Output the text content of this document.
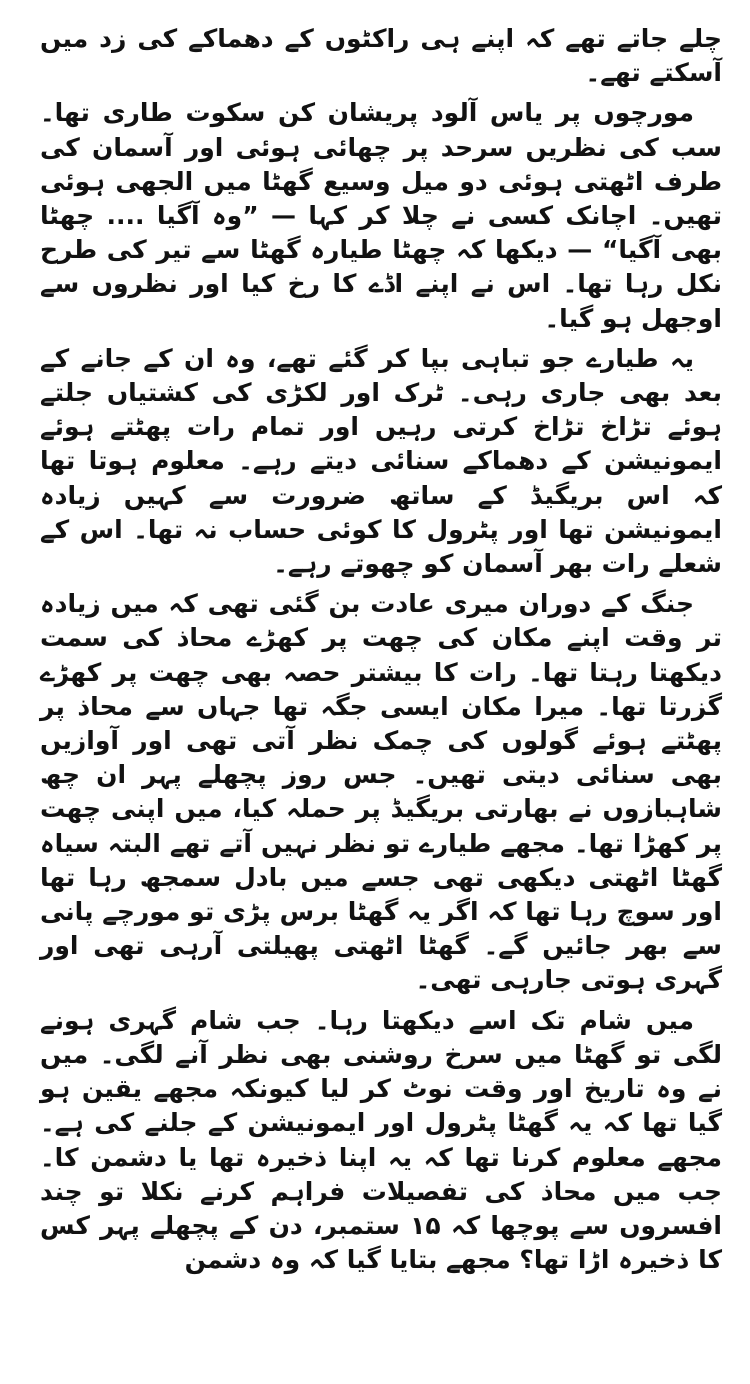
چلے جاتے تھے کہ اپنے ہی راکٹوں کے دھماکے کی زد میں آسکتے تھے۔

مورچوں پر یاس آلود پریشان کن سکوت طاری تھا۔ سب کی نظریں سرحد پر چھائی ہوئی اور آسمان کی طرف اٹھتی ہوئی دو میل وسیع گھٹا میں الجھی ہوئی تھیں۔ اچانک کسی نے چلا کر کہا — ”وہ آگیا .... چھٹا بھی آگیا“ — دیکھا کہ چھٹا طیارہ گھٹا سے تیر کی طرح نکل رہا تھا۔ اس نے اپنے اڈے کا رخ کیا اور نظروں سے اوجھل ہو گیا۔

یہ طیارے جو تباہی بپا کر گئے تھے، وہ ان کے جانے کے بعد بھی جاری رہی۔ ٹرک اور لکڑی کی کشتیاں جلتے ہوئے تڑاخ تڑاخ کرتی رہیں اور تمام رات پھٹتے ہوئے ایمونیشن کے دھماکے سنائی دیتے رہے۔ معلوم ہوتا تھا کہ اس بریگیڈ کے ساتھ ضرورت سے کہیں زیادہ ایمونیشن تھا اور پٹرول کا کوئی حساب نہ تھا۔ اس کے شعلے رات بھر آسمان کو چھوتے رہے۔

جنگ کے دوران میری عادت بن گئی تھی کہ میں زیادہ تر وقت اپنے مکان کی چھت پر کھڑے محاذ کی سمت دیکھتا رہتا تھا۔ رات کا بیشتر حصہ بھی چھت پر کھڑے گزرتا تھا۔ میرا مکان ایسی جگہ تھا جہاں سے محاذ پر پھٹتے ہوئے گولوں کی چمک نظر آتی تھی اور آوازیں بھی سنائی دیتی تھیں۔ جس روز پچھلے پہر ان چھ شاہبازوں نے بھارتی بریگیڈ پر حملہ کیا، میں اپنی چھت پر کھڑا تھا۔ مجھے طیارے تو نظر نہیں آتے تھے البتہ سیاہ گھٹا اٹھتی دیکھی تھی جسے میں بادل سمجھ رہا تھا اور سوچ رہا تھا کہ اگر یہ گھٹا برس پڑی تو مورچے پانی سے بھر جائیں گے۔ گھٹا اٹھتی پھیلتی آرہی تھی اور گہری ہوتی جارہی تھی۔

میں شام تک اسے دیکھتا رہا۔ جب شام گہری ہونے لگی تو گھٹا میں سرخ روشنی بھی نظر آنے لگی۔ میں نے وہ تاریخ اور وقت نوٹ کر لیا کیونکہ مجھے یقین ہو گیا تھا کہ یہ گھٹا پٹرول اور ایمونیشن کے جلنے کی ہے۔ مجھے معلوم کرنا تھا کہ یہ اپنا ذخیرہ تھا یا دشمن کا۔ جب میں محاذ کی تفصیلات فراہم کرنے نکلا تو چند افسروں سے پوچھا کہ ۱۵ ستمبر، دن کے پچھلے پہر کس کا ذخیرہ اڑا تھا؟ مجھے بتایا گیا کہ وہ دشمن
